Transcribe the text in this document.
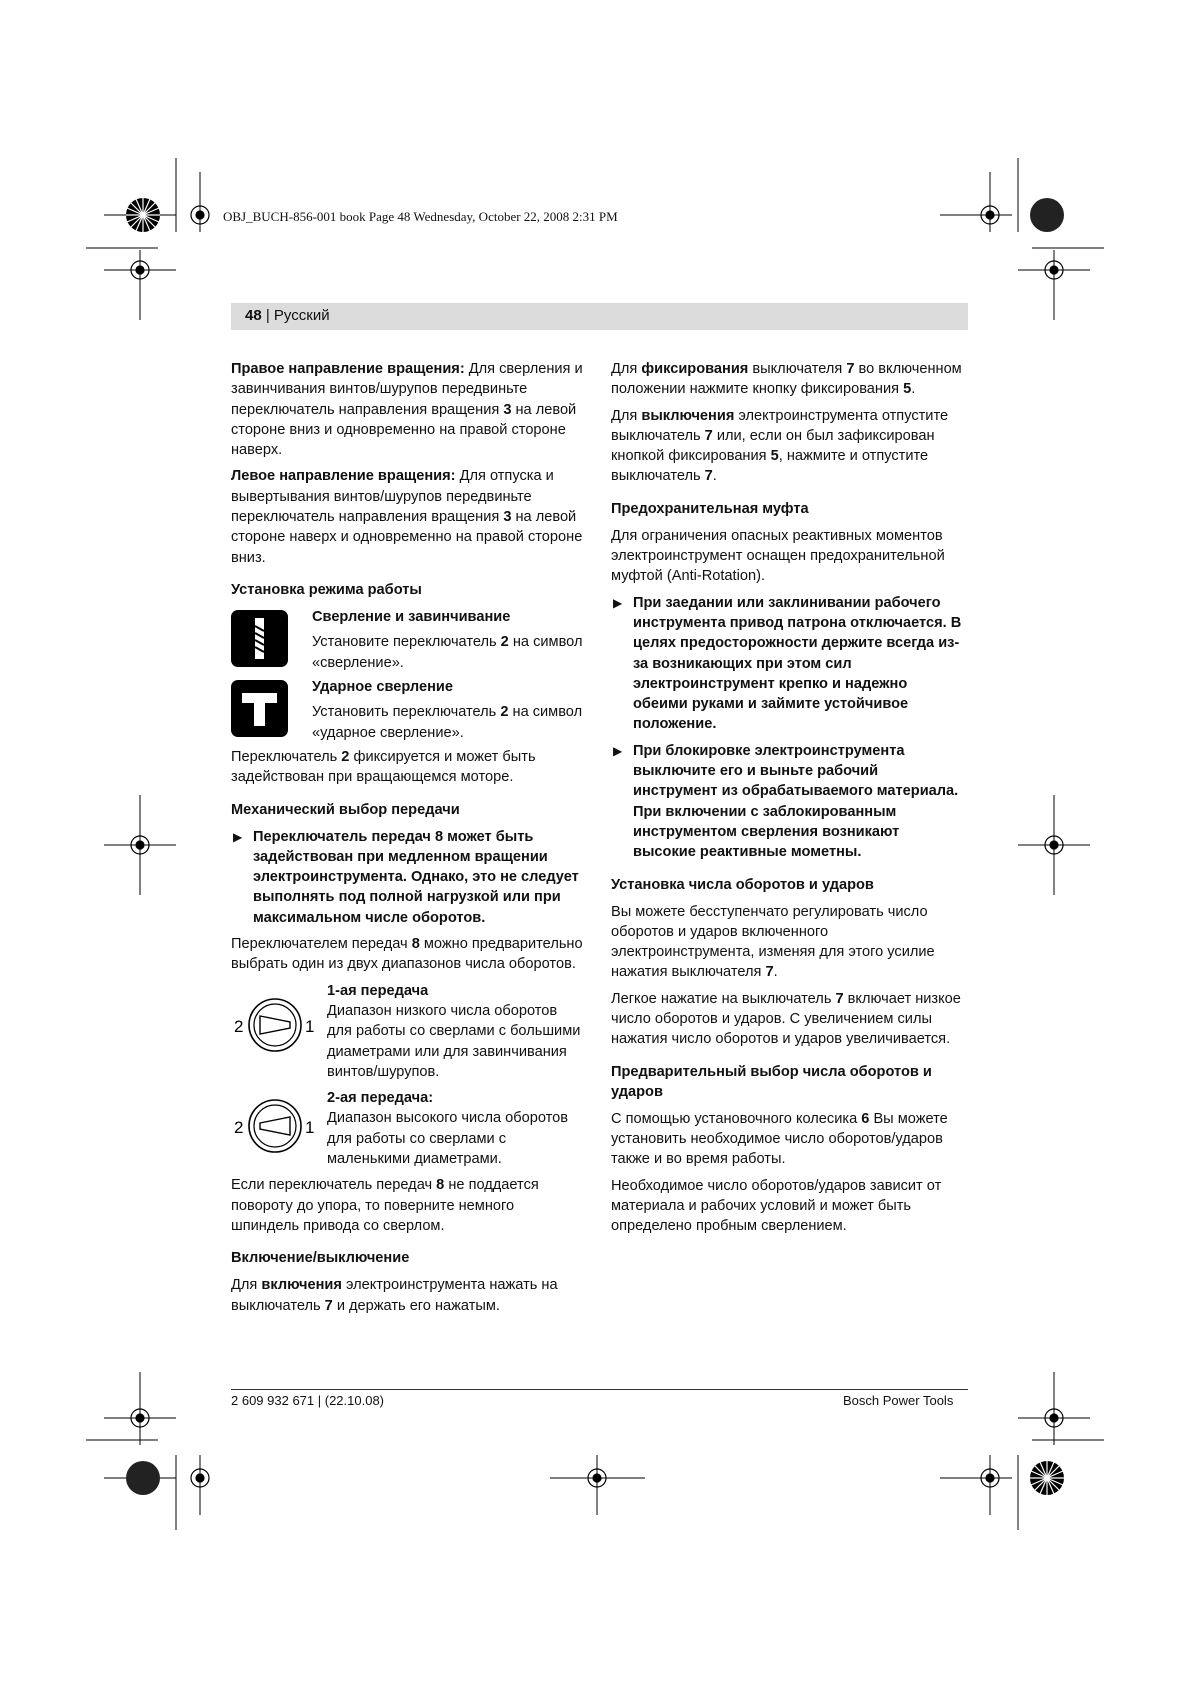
OBJ_BUCH-856-001 book Page 48 Wednesday, October 22, 2008 2:31 PM
48 | Русский

Правое направление вращения: Для сверления и завинчивания винтов/шурупов передвиньте переключатель направления вращения 3 на левой стороне вниз и одновременно на правой стороне наверх.

Левое направление вращения: Для отпуска и вывертывания винтов/шурупов передвиньте переключатель направления вращения 3 на левой стороне наверх и одновременно на правой стороне вниз.

Установка режима работы
Сверление и завинчивание
Установите переключатель 2 на символ «сверление».
Ударное сверление
Установить переключатель 2 на символ «ударное сверление».

Переключатель 2 фиксируется и может быть задействован при вращающемся моторе.

Механический выбор передачи

▶ Переключатель передач 8 может быть задействован при медленном вращении электроинструмента. Однако, это не следует выполнять под полной нагрузкой или при максимальном числе оборотов.

Переключателем передач 8 можно предварительно выбрать один из двух диапазонов числа оборотов.

2	1
1-ая передача
Диапазон низкого числа оборотов для работы со сверлами с большими диаметрами или для завинчивания винтов/шурупов.
2	1
2-ая передача:
Диапазон высокого числа оборотов для работы со сверлами с маленькими диаметрами.

Если переключатель передач 8 не поддается повороту до упора, то поверните немного шпиндель привода со сверлом.

Включение/выключение

Для включения электроинструмента нажать на выключатель 7 и держать его нажатым.

Для фиксирования выключателя 7 во включенном положении нажмите кнопку фиксирования 5.

Для выключения электроинструмента отпустите выключатель 7 или, если он был зафиксирован кнопкой фиксирования 5, нажмите и отпустите выключатель 7.

Предохранительная муфта

Для ограничения опасных реактивных моментов электроинструмент оснащен предохранительной муфтой (Anti-Rotation).

▶ При заедании или заклинивании рабочего инструмента привод патрона отключается. В целях предосторожности держите всегда из-за возникающих при этом сил электроинструмент крепко и надежно обеими руками и займите устойчивое положение.

▶ При блокировке электроинструмента выключите его и выньте рабочий инструмент из обрабатываемого материала. При включении с заблокированным инструментом сверления возникают высокие реактивные мометны.

Установка числа оборотов и ударов

Вы можете бесступенчато регулировать число оборотов и ударов включенного электроинструмента, изменяя для этого усилие нажатия выключателя 7.

Легкое нажатие на выключатель 7 включает низкое число оборотов и ударов. С увеличением силы нажатия число оборотов и ударов увеличивается.

Предварительный выбор числа оборотов и ударов

С помощью установочного колесика 6 Вы можете установить необходимое число оборотов/ударов также и во время работы.

Необходимое число оборотов/ударов зависит от материала и рабочих условий и может быть определено пробным сверлением.

2 609 932 671 | (22.10.08)	Bosch Power Tools
